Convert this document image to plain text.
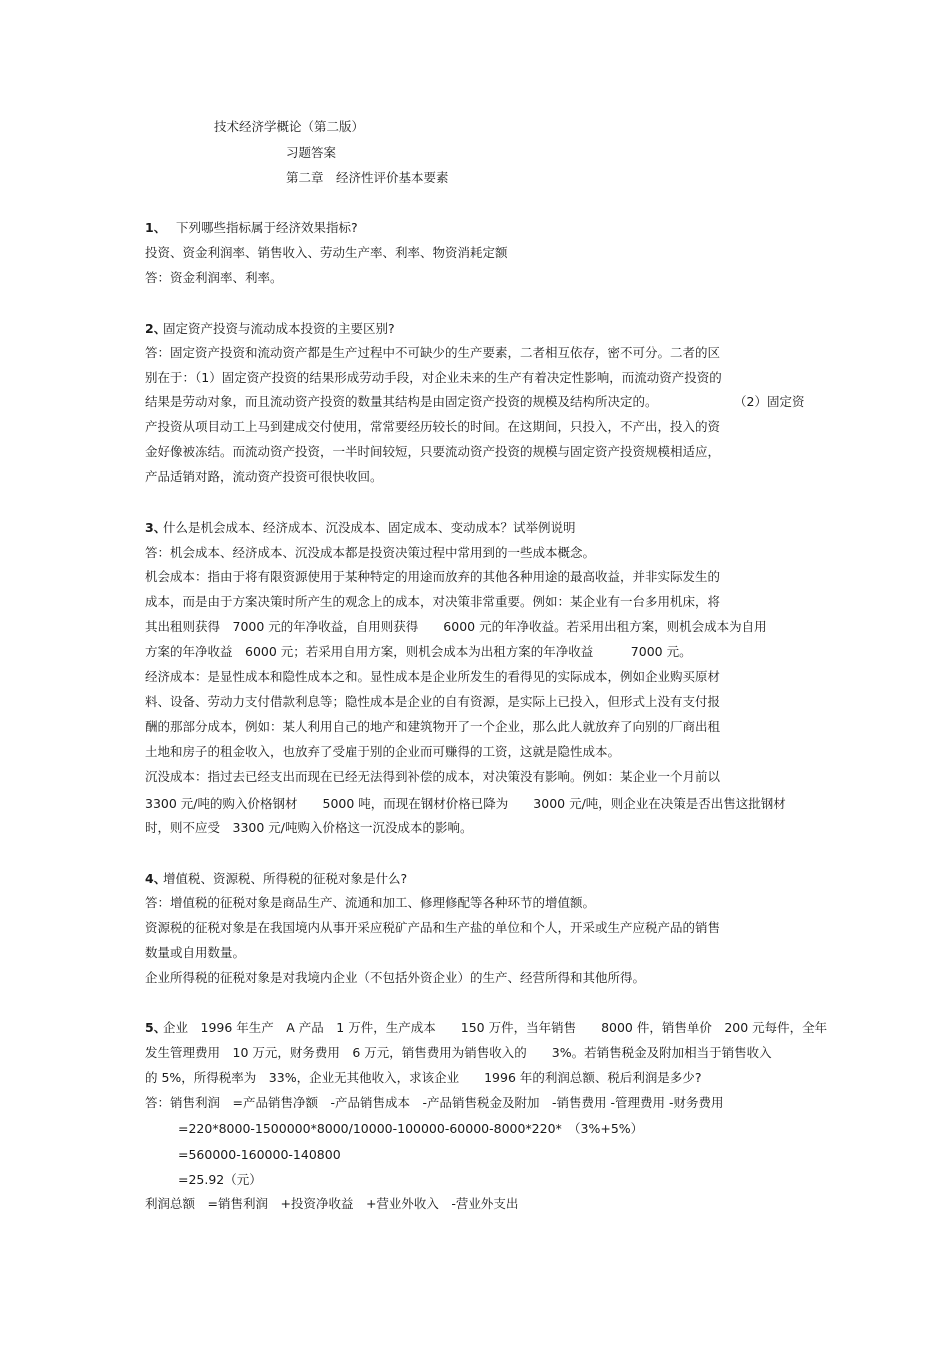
技术经济学概论（第二版）
习题答案
第二章　经济性评价基本要素
1、 下列哪些指标属于经济效果指标?
投资、资金利润率、销售收入、劳动生产率、利率、物资消耗定额
答：资金利润率、利率。
2、
固定资产投资与流动成本投资的主要区别?
答：固定资产投资和流动资产都是生产过程中不可缺少的生产要素，二者相互依存，密不可分。二者的区
别在于：（1）固定资产投资的结果形成劳动手段，对企业未来的生产有着决定性影响，而流动资产投资的
结果是劳动对象，而且流动资产投资的数量其结构是由固定资产投资的规模及结构所决定的。	（2）固定资
产投资从项目动工上马到建成交付使用，常常要经历较长的时间。在这期间，只投入，不产出，投入的资
金好像被冻结。而流动资产投资，一半时间较短，只要流动资产投资的规模与固定资产投资规模相适应，
产品适销对路，流动资产投资可很快收回。
3、
什么是机会成本、经济成本、沉没成本、固定成本、变动成本？试举例说明
答：机会成本、经济成本、沉没成本都是投资决策过程中常用到的一些成本概念。
机会成本：指由于将有限资源使用于某种特定的用途而放弃的其他各种用途的最高收益，并非实际发生的
成本，而是由于方案决策时所产生的观念上的成本，对决策非常重要。例如：某企业有一台多用机床，将
其出租则获得　7000 元的年净收益，自用则获得　　6000 元的年净收益。若采用出租方案，则机会成本为自用
方案的年净收益　6000 元；若采用自用方案，则机会成本为出租方案的年净收益　　　7000 元。
经济成本：是显性成本和隐性成本之和。显性成本是企业所发生的看得见的实际成本，例如企业购买原材
料、设备、劳动力支付借款利息等；隐性成本是企业的自有资源，是实际上已投入，但形式上没有支付报
酬的那部分成本，例如：某人利用自己的地产和建筑物开了一个企业，那么此人就放弃了向别的厂商出租
土地和房子的租金收入，也放弃了受雇于别的企业而可赚得的工资，这就是隐性成本。
沉没成本：指过去已经支出而现在已经无法得到补偿的成本，对决策没有影响。例如：某企业一个月前以
3300 元/吨的购入价格钢材　　5000 吨，而现在钢材价格已降为　　3000 元/吨，则企业在决策是否出售这批钢材
时，则不应受　3300 元/吨购入价格这一沉没成本的影响。
4、
增值税、资源税、所得税的征税对象是什么?
答：增值税的征税对象是商品生产、流通和加工、修理修配等各种环节的增值额。
资源税的征税对象是在我国境内从事开采应税矿产品和生产盐的单位和个人，开采或生产应税产品的销售
数量或自用数量。
企业所得税的征税对象是对我境内企业（不包括外资企业）的生产、经营所得和其他所得。
5、
企业　1996 年生产　A 产品　1 万件，生产成本　　150 万件，当年销售　　8000 件，销售单价　200 元每件，全年
发生管理费用　10 万元，财务费用　6 万元，销售费用为销售收入的　　3%。若销售税金及附加相当于销售收入
的 5%，所得税率为　33%，企业无其他收入，求该企业　　1996 年的利润总额、税后利润是多少?
答：销售利润　=产品销售净额　-产品销售成本　-产品销售税金及附加　-销售费用 -管理费用 -财务费用
=220*8000-1500000*8000/10000-100000-60000-8000*220*　（3%+5%）
=560000-160000-140800
=25.92（元）
利润总额　=销售利润　+投资净收益　+营业外收入　-营业外支出
